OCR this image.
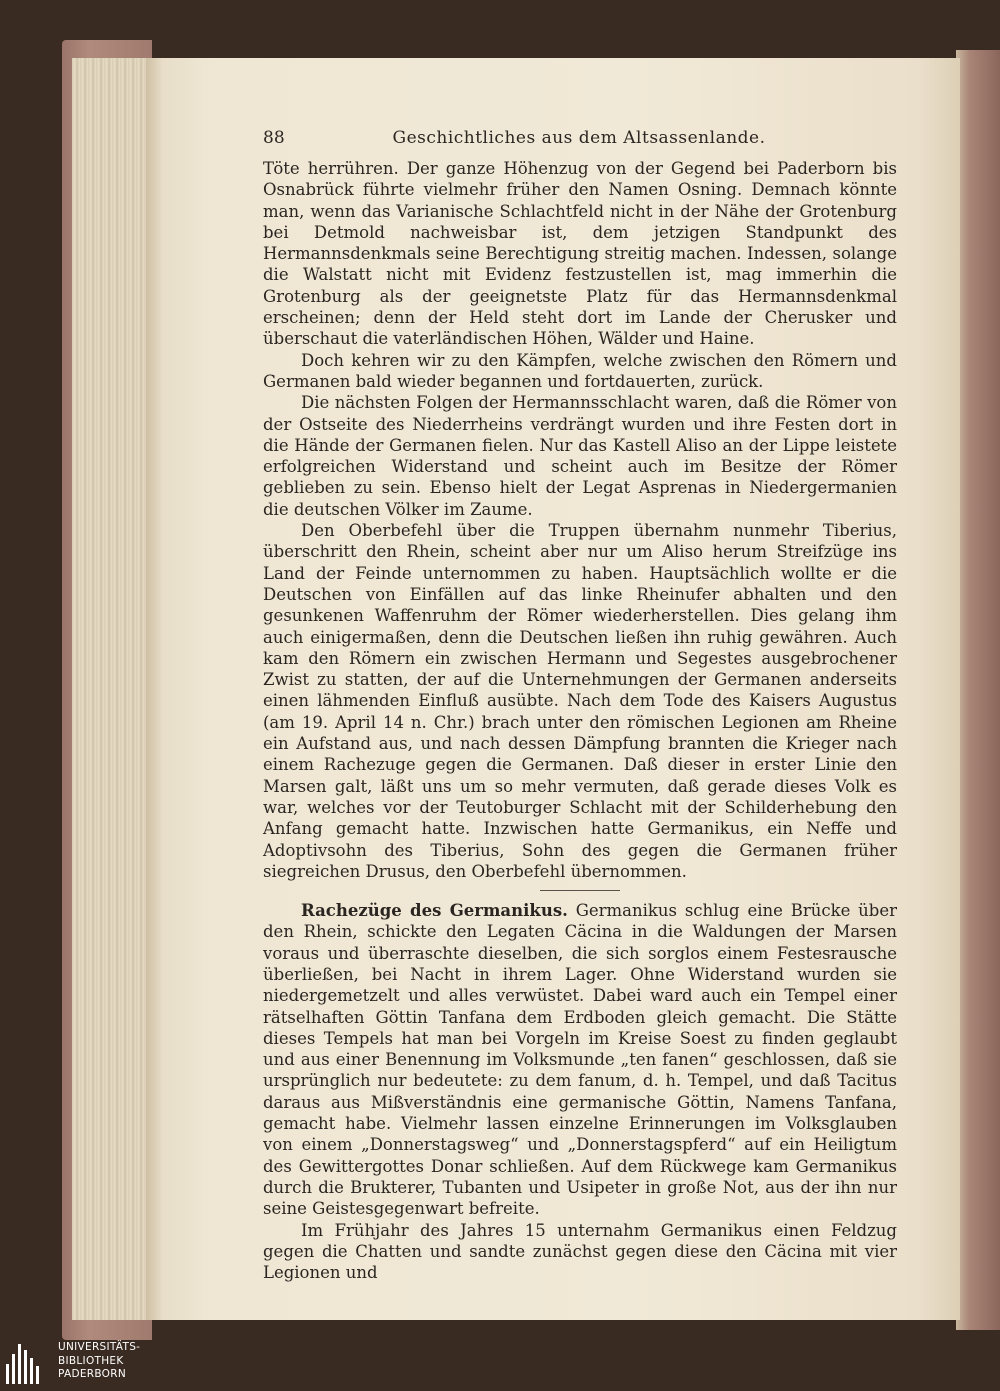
88	Geschichtliches aus dem Altsassenlande.

Töte herrühren. Der ganze Höhenzug von der Gegend bei Paderborn bis Osnabrück führte vielmehr früher den Namen Osning. Demnach könnte man, wenn das Varianische Schlachtfeld nicht in der Nähe der Grotenburg bei Detmold nachweisbar ist, dem jetzigen Standpunkt des Hermannsdenkmals seine Berechtigung streitig machen. Indessen, solange die Walstatt nicht mit Evidenz festzustellen ist, mag immerhin die Grotenburg als der geeignetste Platz für das Hermannsdenkmal erscheinen; denn der Held steht dort im Lande der Cherusker und überschaut die vaterländischen Höhen, Wälder und Haine.

Doch kehren wir zu den Kämpfen, welche zwischen den Römern und Germanen bald wieder begannen und fortdauerten, zurück.

Die nächsten Folgen der Hermannsschlacht waren, daß die Römer von der Ostseite des Niederrheins verdrängt wurden und ihre Festen dort in die Hände der Germanen fielen. Nur das Kastell Aliso an der Lippe leistete erfolgreichen Widerstand und scheint auch im Besitze der Römer geblieben zu sein. Ebenso hielt der Legat Asprenas in Niedergermanien die deutschen Völker im Zaume.

Den Oberbefehl über die Truppen übernahm nunmehr Tiberius, überschritt den Rhein, scheint aber nur um Aliso herum Streifzüge ins Land der Feinde unternommen zu haben. Hauptsächlich wollte er die Deutschen von Einfällen auf das linke Rheinufer abhalten und den gesunkenen Waffenruhm der Römer wiederherstellen. Dies gelang ihm auch einigermaßen, denn die Deutschen ließen ihn ruhig gewähren. Auch kam den Römern ein zwischen Hermann und Segestes ausgebrochener Zwist zu statten, der auf die Unternehmungen der Germanen anderseits einen lähmenden Einfluß ausübte. Nach dem Tode des Kaisers Augustus (am 19. April 14 n. Chr.) brach unter den römischen Legionen am Rheine ein Aufstand aus, und nach dessen Dämpfung brannten die Krieger nach einem Rachezuge gegen die Germanen. Daß dieser in erster Linie den Marsen galt, läßt uns um so mehr vermuten, daß gerade dieses Volk es war, welches vor der Teutoburger Schlacht mit der Schilderhebung den Anfang gemacht hatte. Inzwischen hatte Germanikus, ein Neffe und Adoptivsohn des Tiberius, Sohn des gegen die Germanen früher siegreichen Drusus, den Oberbefehl übernommen.

Rachezüge des Germanikus. Germanikus schlug eine Brücke über den Rhein, schickte den Legaten Cäcina in die Waldungen der Marsen voraus und überraschte dieselben, die sich sorglos einem Festesrausche überließen, bei Nacht in ihrem Lager. Ohne Widerstand wurden sie niedergemetzelt und alles verwüstet. Dabei ward auch ein Tempel einer rätselhaften Göttin Tanfana dem Erdboden gleich gemacht. Die Stätte dieses Tempels hat man bei Vorgeln im Kreise Soest zu finden geglaubt und aus einer Benennung im Volksmunde „ten fanen“ geschlossen, daß sie ursprünglich nur bedeutete: zu dem fanum, d. h. Tempel, und daß Tacitus daraus aus Mißverständnis eine germanische Göttin, Namens Tanfana, gemacht habe. Vielmehr lassen einzelne Erinnerungen im Volksglauben von einem „Donnerstagsweg“ und „Donnerstagspferd“ auf ein Heiligtum des Gewittergottes Donar schließen. Auf dem Rückwege kam Germanikus durch die Brukterer, Tubanten und Usipeter in große Not, aus der ihn nur seine Geistesgegenwart befreite.

Im Frühjahr des Jahres 15 unternahm Germanikus einen Feldzug gegen die Chatten und sandte zunächst gegen diese den Cäcina mit vier Legionen und

UNIVERSITÄTS-
BIBLIOTHEK
PADERBORN
